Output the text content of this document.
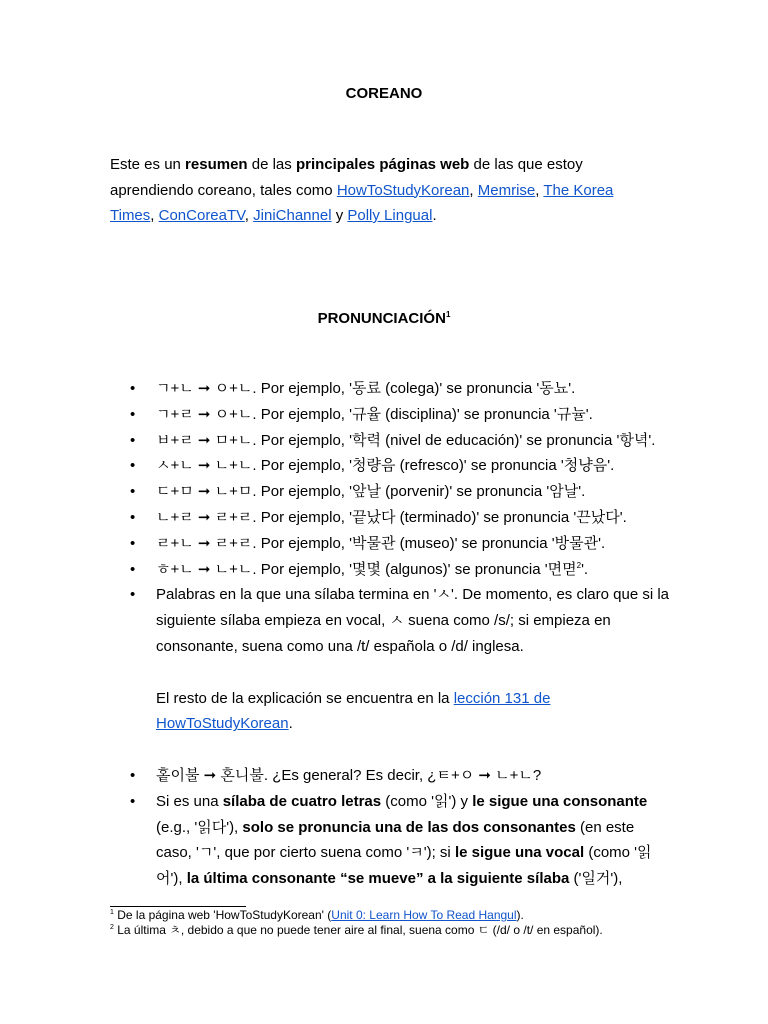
COREANO
Este es un resumen de las principales páginas web de las que estoy aprendiendo coreano, tales como HowToStudyKorean, Memrise, The Korea Times, ConCoreaTV, JiniChannel y Polly Lingual.
PRONUNCIACIÓN$^1$
• ㄱ+ㄴ ➞ ㅇ+ㄴ. Por ejemplo, '동료 (colega)' se pronuncia '동뇨'.
• ㄱ+ㄹ ➞ ㅇ+ㄴ. Por ejemplo, '규율 (disciplina)' se pronuncia '규뉼'.
• ㅂ+ㄹ ➞ ㅁ+ㄴ. Por ejemplo, '학력 (nivel de educación)' se pronuncia '항녁'.
• ㅅ+ㄴ ➞ ㄴ+ㄴ. Por ejemplo, '청량음 (refresco)' se pronuncia '청냥음'.
• ㄷ+ㅁ ➞ ㄴ+ㅁ. Por ejemplo, '앞날 (porvenir)' se pronuncia '암날'.
• ㄴ+ㄹ ➞ ㄹ+ㄹ. Por ejemplo, '끝났다 (terminado)' se pronuncia '끈났다'.
• ㄹ+ㄴ ➞ ㄹ+ㄹ. Por ejemplo, '박물관 (museo)' se pronuncia '방물관'.
• ㅎ+ㄴ ➞ ㄴ+ㄴ. Por ejemplo, '몇몇 (algunos)' se pronuncia '면멷$^2$'.
• Palabras en la que una sílaba termina en 'ㅅ'. De momento, es claro que si la siguiente sílaba empieza en vocal, ㅅ suena como /s/; si empieza en consonante, suena como una /t/ española o /d/ inglesa.
El resto de la explicación se encuentra en la lección 131 de HowToStudyKorean.
• 홑이불 ➞ 혼니불. ¿Es general? Es decir, ¿ㅌ+ㅇ ➞ ㄴ+ㄴ?
• Si es una sílaba de cuatro letras (como '읽') y le sigue una consonante (e.g., '읽다'), solo se pronuncia una de las dos consonantes (en este caso, 'ㄱ', que por cierto suena como 'ㅋ'); si le sigue una vocal (como '읽어'), la última consonante “se mueve” a la siguiente sílaba ('일거'),
$^1$ De la página web 'HowToStudyKorean' (Unit 0: Learn How To Read Hangul).
$^2$ La última ㅊ, debido a que no puede tener aire al final, suena como ㄷ (/d/ o /t/ en español).
